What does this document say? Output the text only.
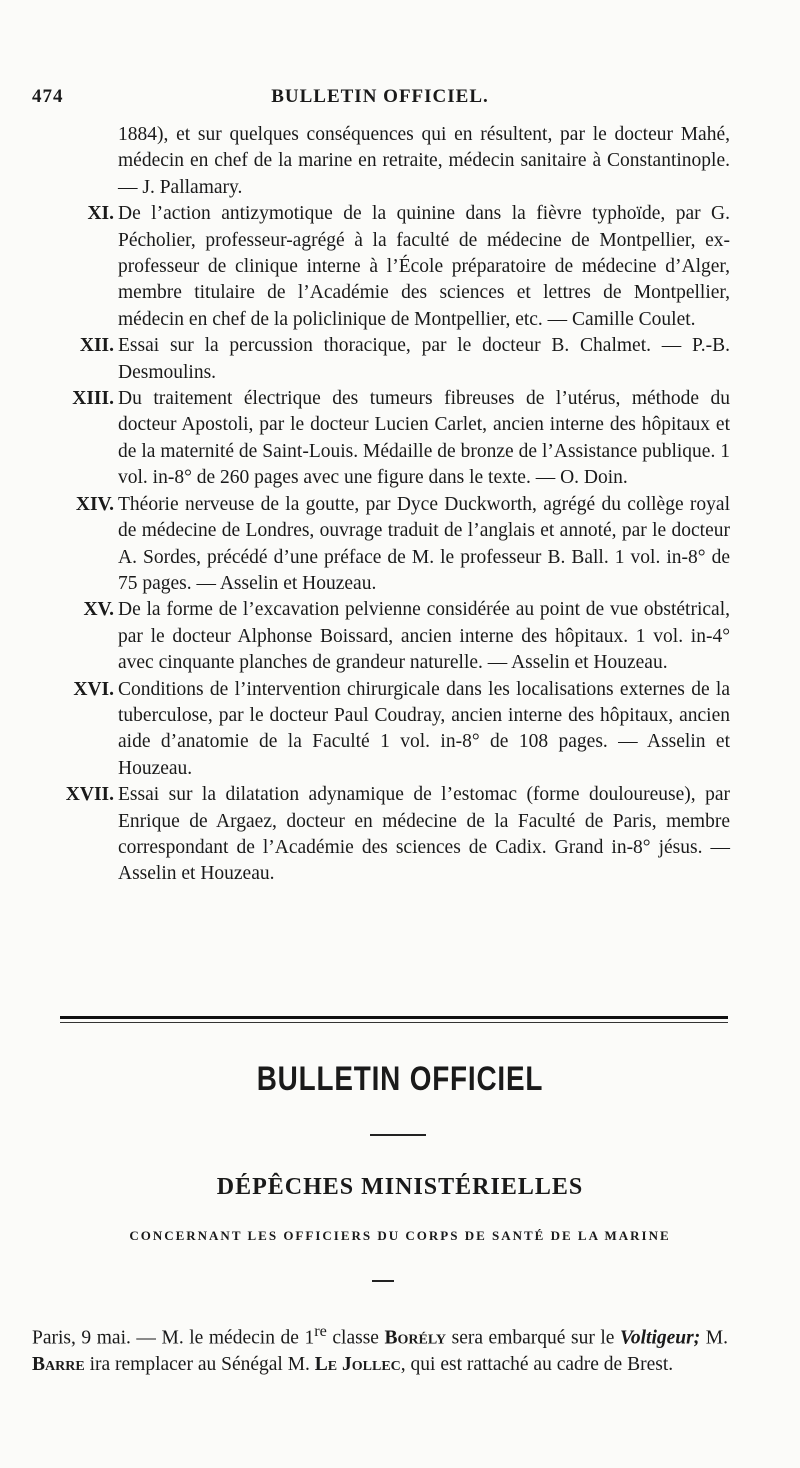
474	BULLETIN OFFICIEL.
1884), et sur quelques conséquences qui en résultent, par le docteur Mahé, médecin en chef de la marine en retraite, médecin sanitaire à Constantinople. — J. Pallamary.
XI. De l’action antizymotique de la quinine dans la fièvre typhoïde, par G. Pécholier, professeur-agrégé à la faculté de médecine de Montpellier, ex-professeur de clinique interne à l’École préparatoire de médecine d’Alger, membre titulaire de l’Académie des sciences et lettres de Montpellier, médecin en chef de la policlinique de Montpellier, etc. — Camille Coulet.
XII. Essai sur la percussion thoracique, par le docteur B. Chalmet. — P.-B. Desmoulins.
XIII. Du traitement électrique des tumeurs fibreuses de l’utérus, méthode du docteur Apostoli, par le docteur Lucien Carlet, ancien interne des hôpitaux et de la maternité de Saint-Louis. Médaille de bronze de l’Assistance publique. 1 vol. in-8° de 260 pages avec une figure dans le texte. — O. Doin.
XIV. Théorie nerveuse de la goutte, par Dyce Duckworth, agrégé du collège royal de médecine de Londres, ouvrage traduit de l’anglais et annoté, par le docteur A. Sordes, précédé d’une préface de M. le professeur B. Ball. 1 vol. in-8° de 75 pages. — Asselin et Houzeau.
XV. De la forme de l’excavation pelvienne considérée au point de vue obstétrical, par le docteur Alphonse Boissard, ancien interne des hôpitaux. 1 vol. in-4° avec cinquante planches de grandeur naturelle. — Asselin et Houzeau.
XVI. Conditions de l’intervention chirurgicale dans les localisations externes de la tuberculose, par le docteur Paul Coudray, ancien interne des hôpitaux, ancien aide d’anatomie de la Faculté 1 vol. in-8° de 108 pages. — Asselin et Houzeau.
XVII. Essai sur la dilatation adynamique de l’estomac (forme douloureuse), par Enrique de Argaez, docteur en médecine de la Faculté de Paris, membre correspondant de l’Académie des sciences de Cadix. Grand in-8° jésus. — Asselin et Houzeau.
BULLETIN OFFICIEL
DÉPÊCHES MINISTÉRIELLES
CONCERNANT LES OFFICIERS DU CORPS DE SANTÉ DE LA MARINE
Paris, 9 mai. — M. le médecin de 1re classe Borély sera embarqué sur le Voltigeur; M. Barre ira remplacer au Sénégal M. Le Jollec, qui est rattaché au cadre de Brest.
